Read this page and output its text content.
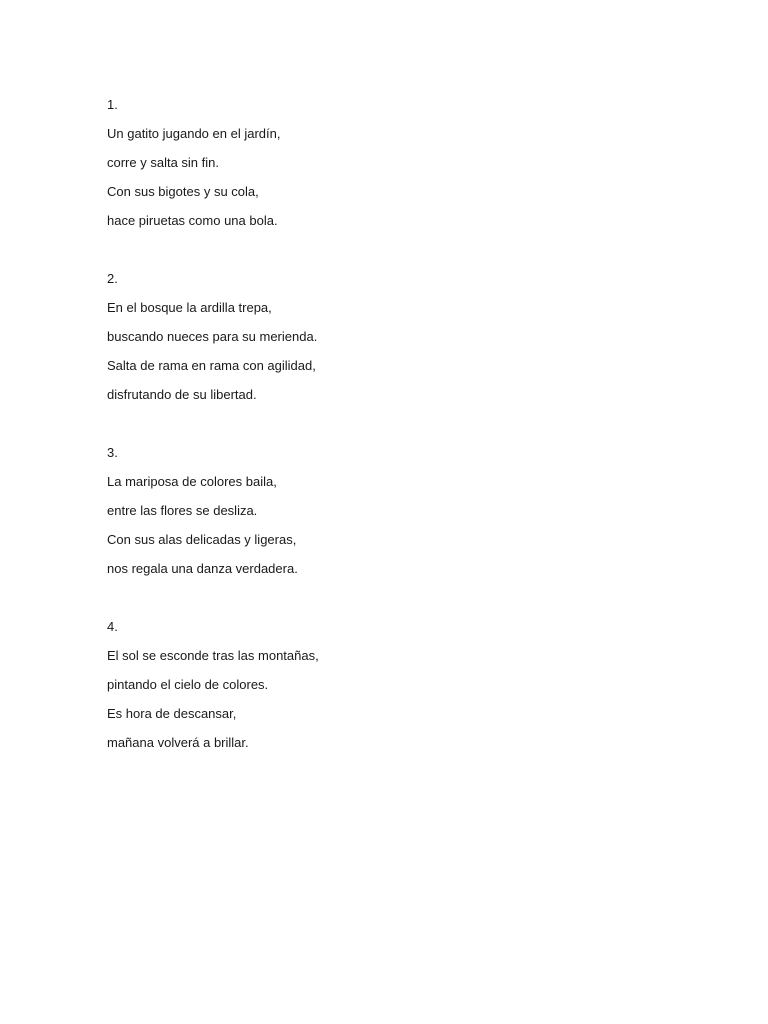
1.

Un gatito jugando en el jardín,

corre y salta sin fin.

Con sus bigotes y su cola,

hace piruetas como una bola.

2.

En el bosque la ardilla trepa,

buscando nueces para su merienda.

Salta de rama en rama con agilidad,

disfrutando de su libertad.

3.

La mariposa de colores baila,

entre las flores se desliza.

Con sus alas delicadas y ligeras,

nos regala una danza verdadera.

4.

El sol se esconde tras las montañas,

pintando el cielo de colores.

Es hora de descansar,

mañana volverá a brillar.
